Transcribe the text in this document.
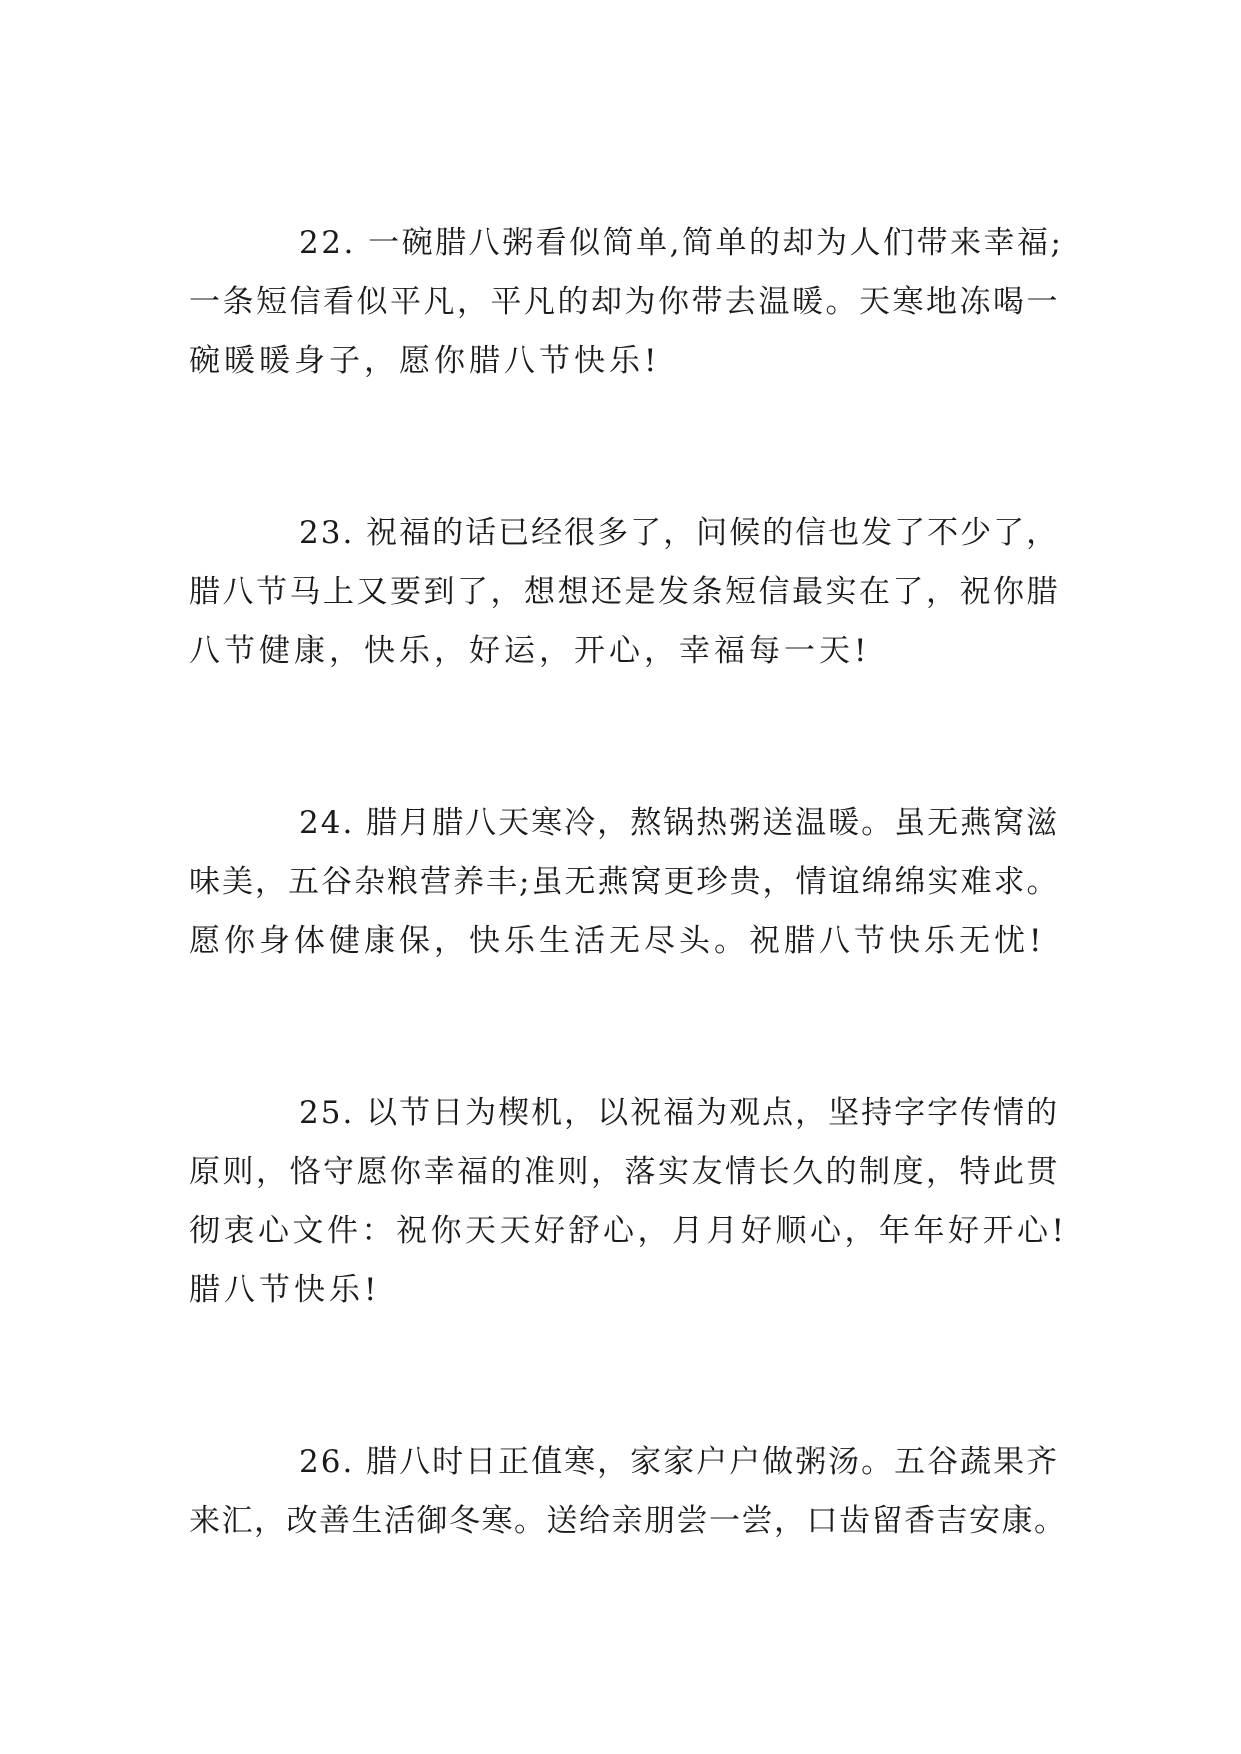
22. 一碗腊八粥看似简单,简单的却为人们带来幸福;
一条短信看似平凡，平凡的却为你带去温暖。天寒地冻喝一
碗暖暖身子，愿你腊八节快乐!
23. 祝福的话已经很多了，问候的信也发了不少了，
腊八节马上又要到了，想想还是发条短信最实在了，祝你腊
八节健康，快乐，好运，开心，幸福每一天!
24. 腊月腊八天寒冷，熬锅热粥送温暖。虽无燕窝滋
味美，五谷杂粮营养丰;虽无燕窝更珍贵，情谊绵绵实难求。
愿你身体健康保，快乐生活无尽头。祝腊八节快乐无忧!
25. 以节日为楔机，以祝福为观点，坚持字字传情的
原则，恪守愿你幸福的准则，落实友情长久的制度，特此贯
彻衷心文件：祝你天天好舒心，月月好顺心，年年好开心!
腊八节快乐!
26. 腊八时日正值寒，家家户户做粥汤。五谷蔬果齐
来汇，改善生活御冬寒。送给亲朋尝一尝，口齿留香吉安康。
